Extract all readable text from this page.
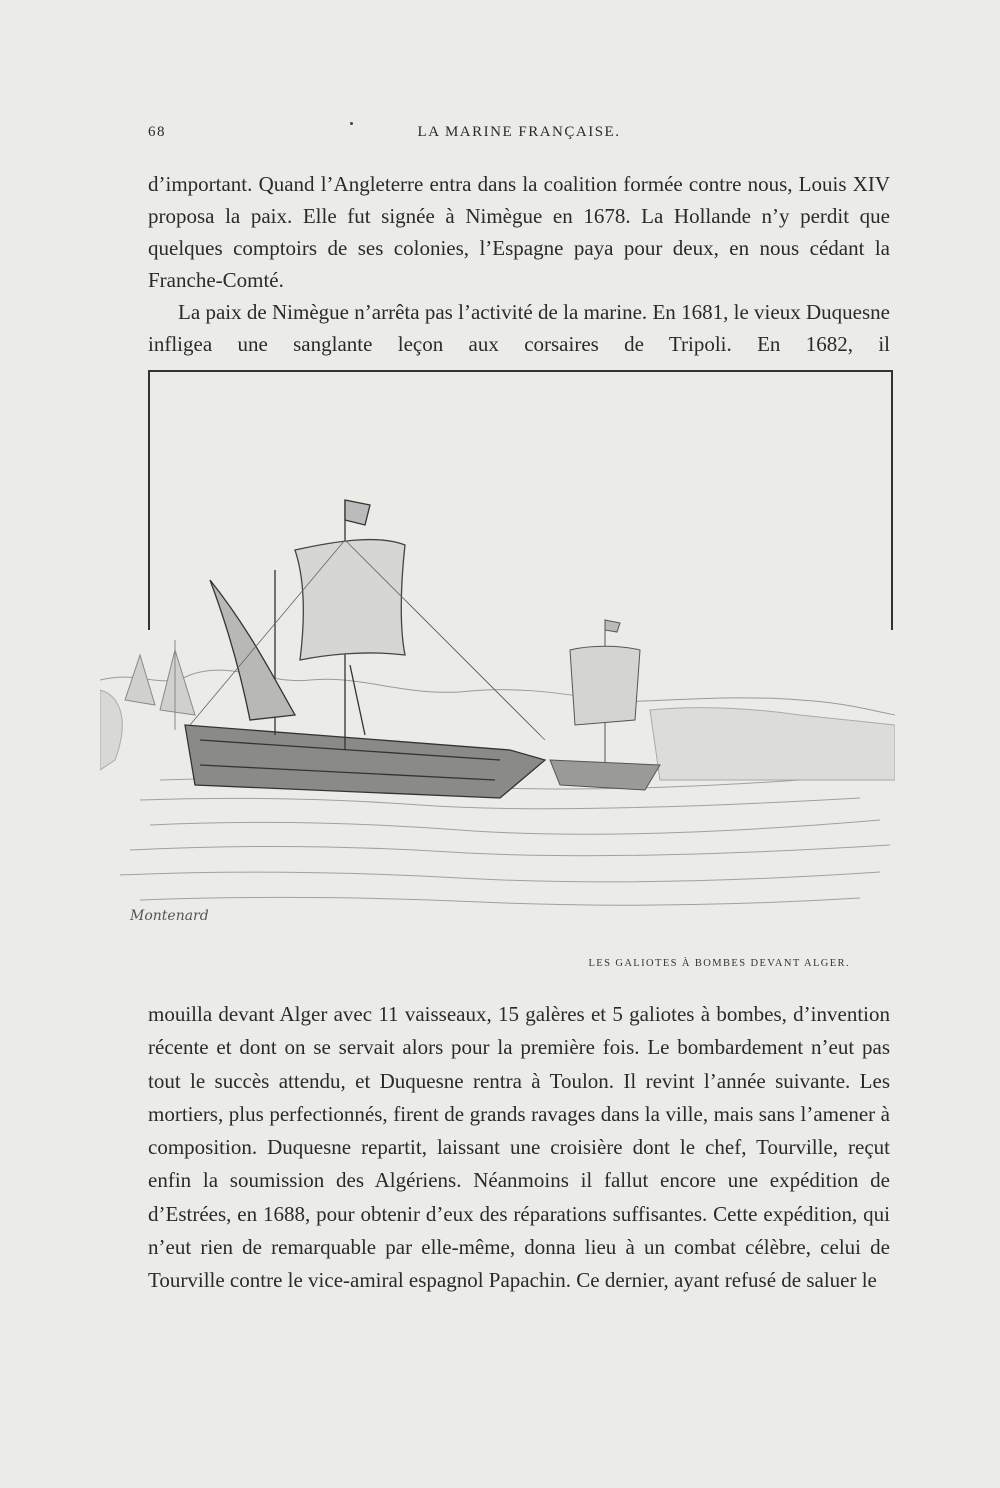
68	LA MARINE FRANÇAISE.

d’important. Quand l’Angleterre entra dans la coalition formée contre nous, Louis XIV proposa la paix. Elle fut signée à Nimègue en 1678. La Hollande n’y perdit que quelques comptoirs de ses colonies, l’Espagne paya pour deux, en nous cédant la Franche-Comté.

La paix de Nimègue n’arrêta pas l’activité de la marine. En 1681, le vieux Duquesne infligea une sanglante leçon aux corsaires de Tripoli. En 1682, il

Montenard
LES GALIOTES À BOMBES DEVANT ALGER.

mouilla devant Alger avec 11 vaisseaux, 15 galères et 5 galiotes à bombes, d’invention récente et dont on se servait alors pour la première fois. Le bombardement n’eut pas tout le succès attendu, et Duquesne rentra à Toulon. Il revint l’année suivante. Les mortiers, plus perfectionnés, firent de grands ravages dans la ville, mais sans l’amener à composition. Duquesne repartit, laissant une croisière dont le chef, Tourville, reçut enfin la soumission des Algériens. Néanmoins il fallut encore une expédition de d’Estrées, en 1688, pour obtenir d’eux des réparations suffisantes. Cette expédition, qui n’eut rien de remarquable par elle-même, donna lieu à un combat célèbre, celui de Tourville contre le vice-amiral espagnol Papachin. Ce dernier, ayant refusé de saluer le
